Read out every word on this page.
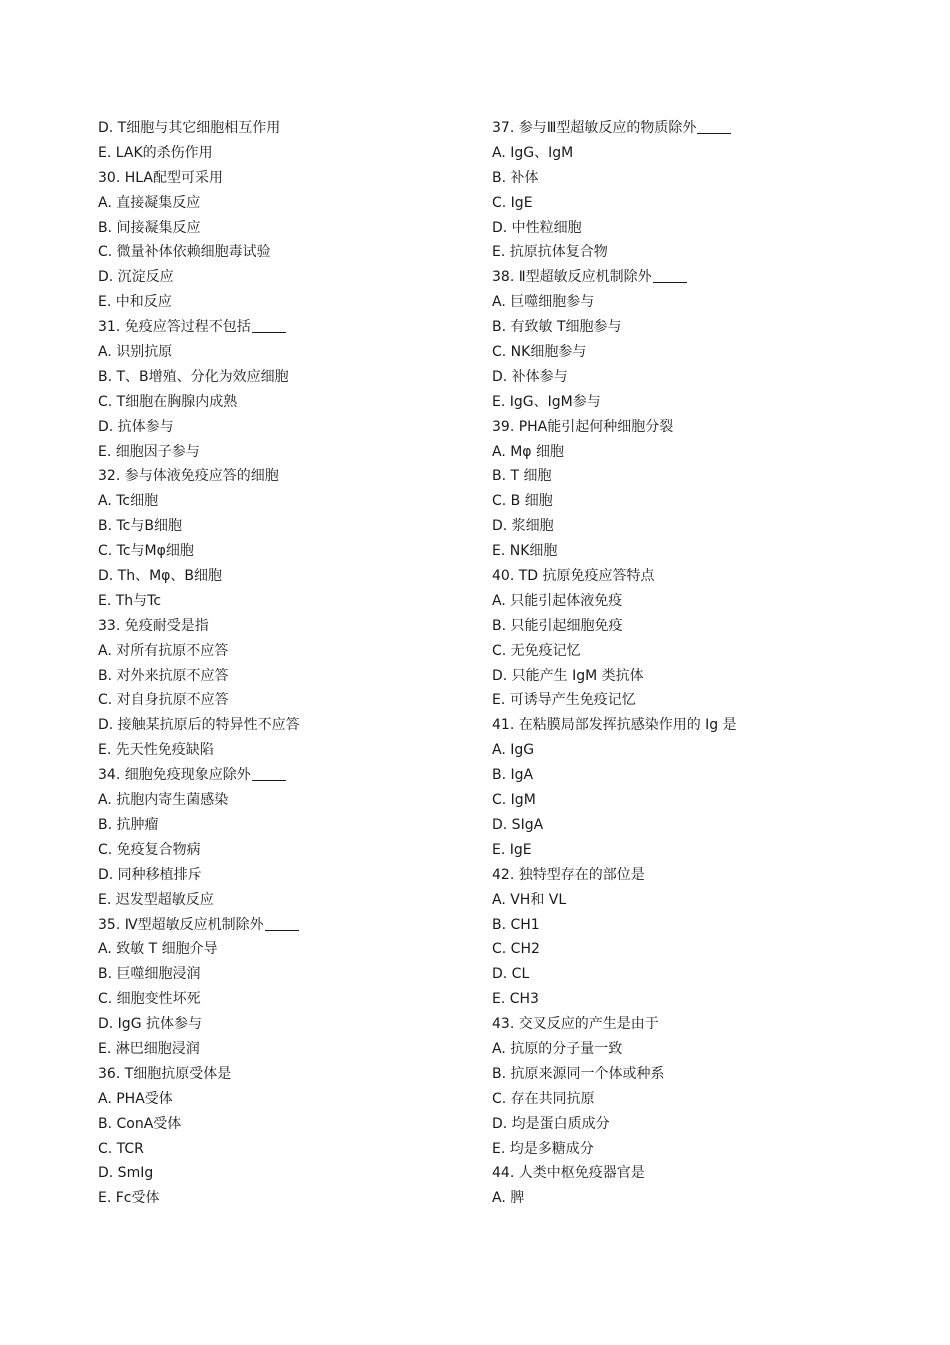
D. T细胞与其它细胞相互作用
E. LAK的杀伤作用
30. HLA配型可采用
A. 直接凝集反应
B. 间接凝集反应
C. 微量补体依赖细胞毒试验
D. 沉淀反应
E. 中和反应
31. 免疫应答过程不包括
A. 识别抗原
B. T、B增殖、分化为效应细胞
C. T细胞在胸腺内成熟
D. 抗体参与
E. 细胞因子参与
32. 参与体液免疫应答的细胞
A. Tc细胞
B. Tc与B细胞
C. Tc与Mφ细胞
D. Th、Mφ、B细胞
E. Th与Tc
33. 免疫耐受是指
A. 对所有抗原不应答
B. 对外来抗原不应答
C. 对自身抗原不应答
D. 接触某抗原后的特异性不应答
E. 先天性免疫缺陷
34. 细胞免疫现象应除外
A. 抗胞内寄生菌感染
B. 抗肿瘤
C. 免疫复合物病
D. 同种移植排斥
E. 迟发型超敏反应
35. Ⅳ型超敏反应机制除外
A. 致敏 T 细胞介导
B. 巨噬细胞浸润
C. 细胞变性坏死
D. IgG 抗体参与
E. 淋巴细胞浸润
36. T细胞抗原受体是
A. PHA受体
B. ConA受体
C. TCR
D. SmIg
E. Fc受体
37. 参与Ⅲ型超敏反应的物质除外
A. IgG、IgM
B. 补体
C. IgE
D. 中性粒细胞
E. 抗原抗体复合物
38. Ⅱ型超敏反应机制除外
A. 巨噬细胞参与
B. 有致敏 T细胞参与
C. NK细胞参与
D. 补体参与
E. IgG、IgM参与
39. PHA能引起何种细胞分裂
A. Mφ 细胞
B. T 细胞
C. B 细胞
D. 浆细胞
E. NK细胞
40. TD 抗原免疫应答特点
A. 只能引起体液免疫
B. 只能引起细胞免疫
C. 无免疫记忆
D. 只能产生 IgM 类抗体
E. 可诱导产生免疫记忆
41. 在粘膜局部发挥抗感染作用的 Ig 是
A. IgG
B. IgA
C. IgM
D. SIgA
E. IgE
42. 独特型存在的部位是
A. VH和 VL
B. CH1
C. CH2
D. CL
E. CH3
43. 交叉反应的产生是由于
A. 抗原的分子量一致
B. 抗原来源同一个体或种系
C. 存在共同抗原
D. 均是蛋白质成分
E. 均是多糖成分
44. 人类中枢免疫器官是
A. 脾
